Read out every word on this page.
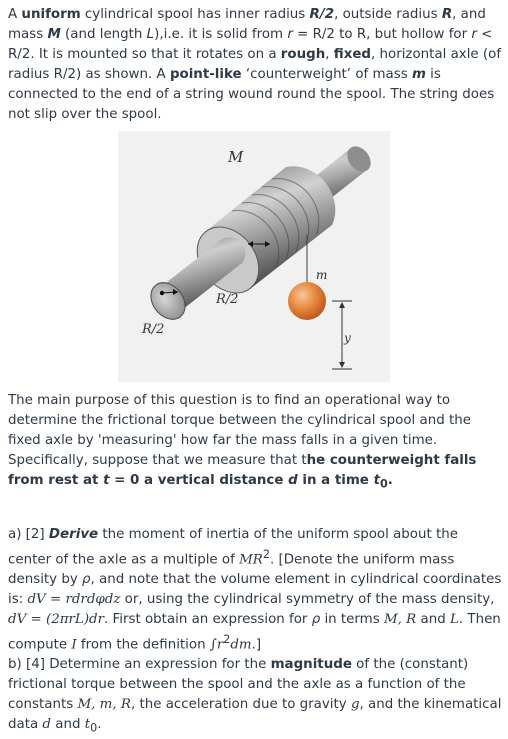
A uniform cylindrical spool has inner radius R/2, outside radius R, and mass M (and length L),i.e. it is solid from r = R/2 to R, but hollow for r < R/2. It is mounted so that it rotates on a rough, fixed, horizontal axle (of radius R/2) as shown. A point-like ‘counterweight’ of mass m is connected to the end of a string wound round the spool. The string does not slip over the spool.
M
m
R/2
R/2
y
The main purpose of this question is to find an operational way to determine the frictional torque between the cylindrical spool and the fixed axle by 'measuring' how far the mass falls in a given time. Specifically, suppose that we measure that the counterweight falls from rest at t = 0 a vertical distance d in a time $t_0$.
a) [2] Derive the moment of inertia of the uniform spool about the center of the axle as a multiple of $MR^2$. [Denote the uniform mass density by ρ, and note that the volume element in cylindrical coordinates is: dV = rdrdφdz or, using the cylindrical symmetry of the mass density, dV = (2πrL)dr. First obtain an expression for ρ in terms M, R and L. Then compute I from the definition $\int r^2dm$.]
b) [4] Determine an expression for the magnitude of the (constant) frictional torque between the spool and the axle as a function of the constants M, m, R, the acceleration due to gravity g, and the kinematical data d and $t_0$.
